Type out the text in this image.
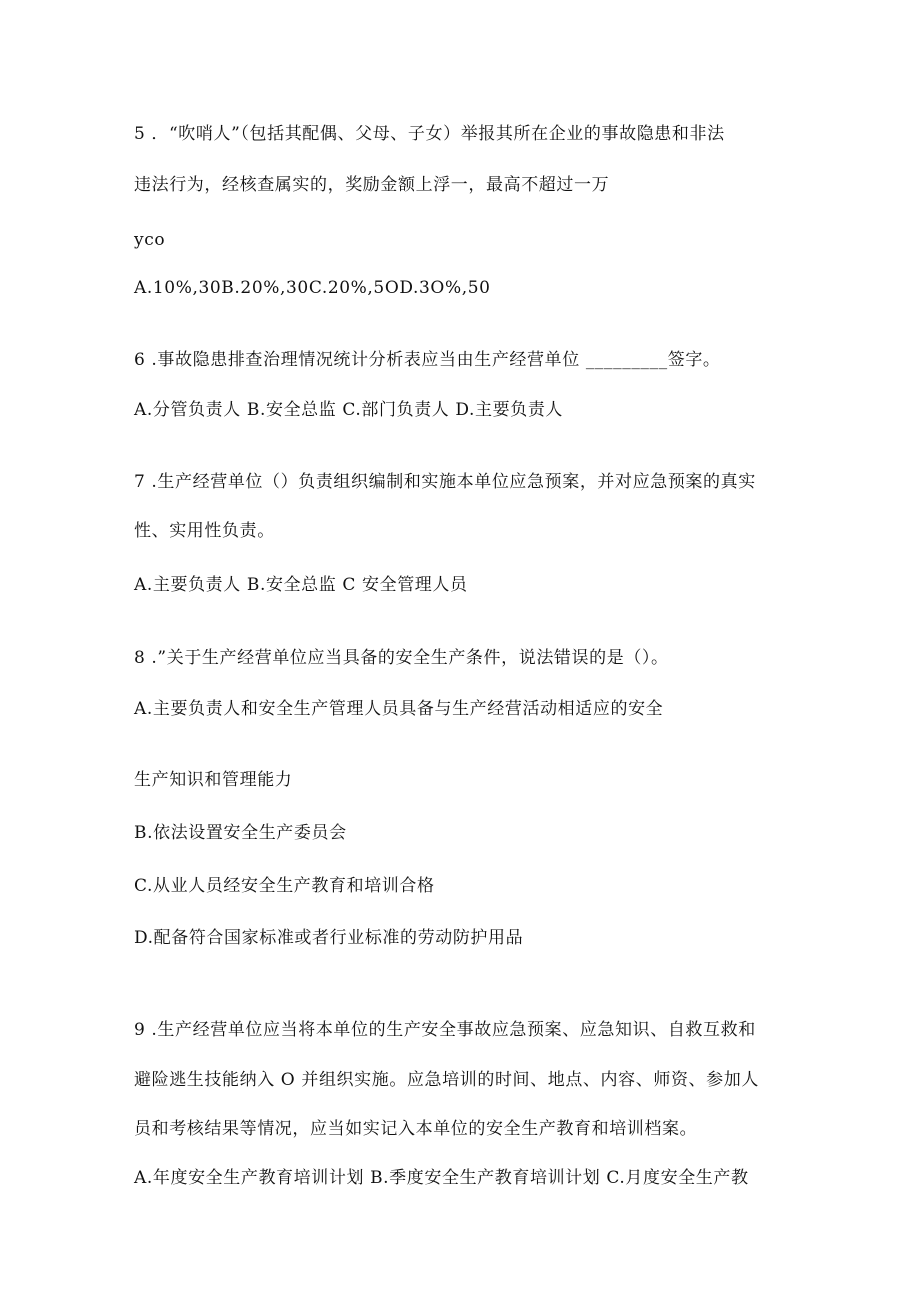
5 ．“吹哨人”（包括其配偶、父母、子女）举报其所在企业的事故隐患和非法
违法行为，经核查属实的，奖励金额上浮一，最高不超过一万
yco
A.10%,30B.20%,30C.20%,5OD.3O%,50
6 .事故隐患排查治理情况统计分析表应当由生产经营单位 _________签字。
A.分管负责人 B.安全总监 C.部门负责人 D.主要负责人
7 .生产经营单位（）负责组织编制和实施本单位应急预案，并对应急预案的真实
性、实用性负责。
A.主要负责人 B.安全总监 C 安全管理人员
8 .”关于生产经营单位应当具备的安全生产条件，说法错误的是（）。
A.主要负责人和安全生产管理人员具备与生产经营活动相适应的安全
生产知识和管理能力
B.依法设置安全生产委员会
C.从业人员经安全生产教育和培训合格
D.配备符合国家标准或者行业标准的劳动防护用品
9 .生产经营单位应当将本单位的生产安全事故应急预案、应急知识、自救互救和
避险逃生技能纳入 O 并组织实施。应急培训的时间、地点、内容、师资、参加人
员和考核结果等情况，应当如实记入本单位的安全生产教育和培训档案。
A.年度安全生产教育培训计划 B.季度安全生产教育培训计划 C.月度安全生产教
